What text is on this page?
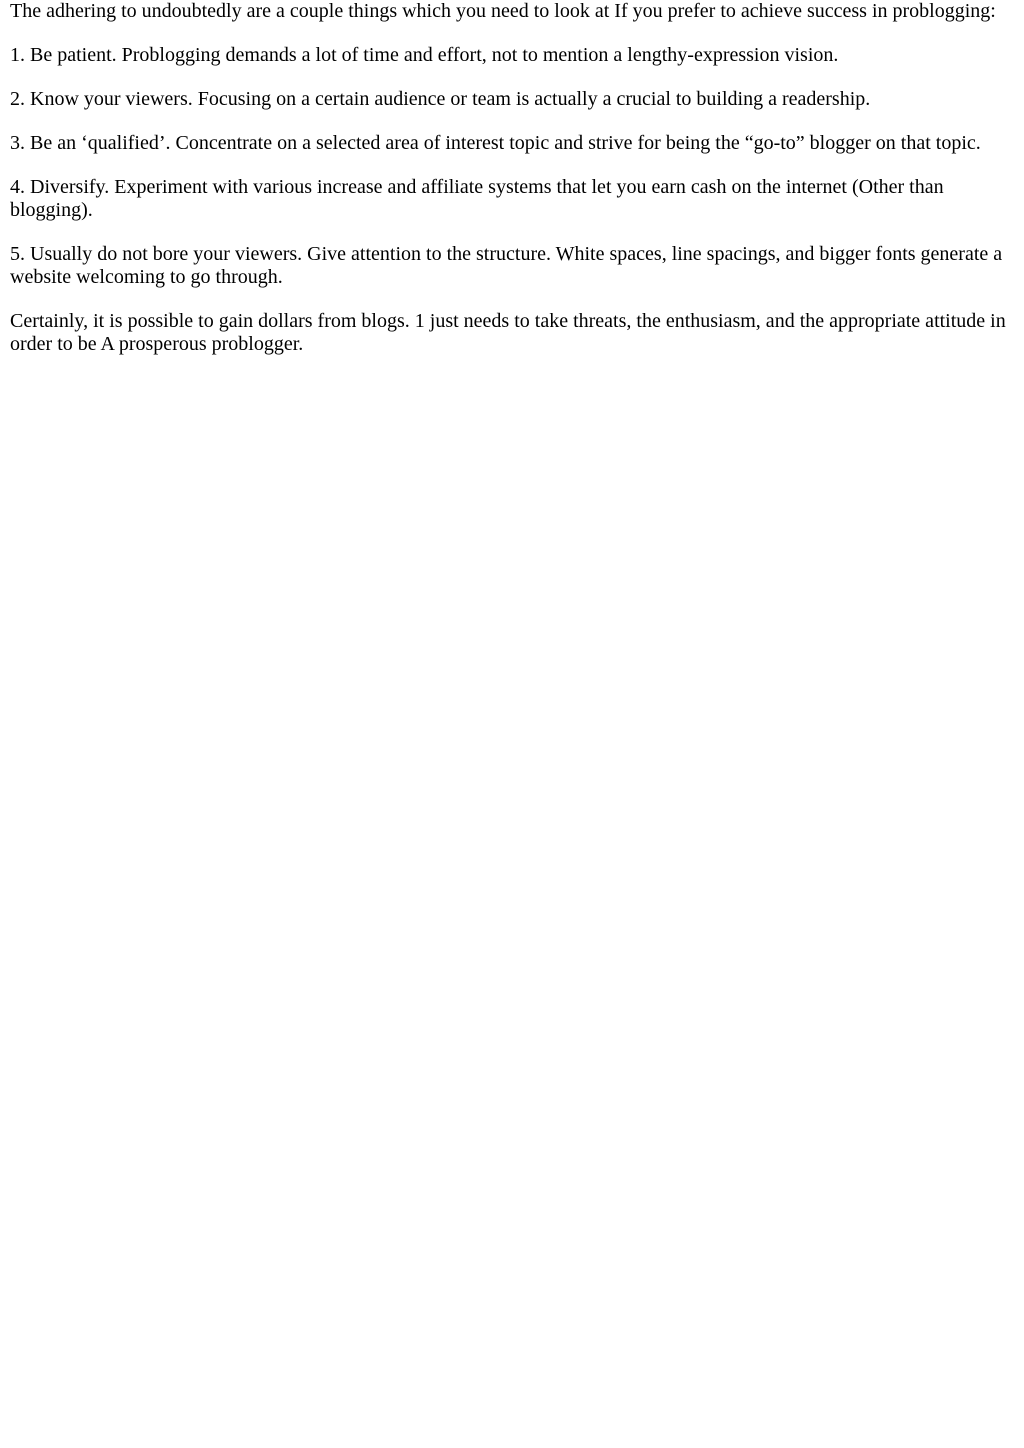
The adhering to undoubtedly are a couple things which you need to look at If you prefer to achieve success in problogging:

1. Be patient. Problogging demands a lot of time and effort, not to mention a lengthy-expression vision.

2. Know your viewers. Focusing on a certain audience or team is actually a crucial to building a readership.

3. Be an ‘qualified’. Concentrate on a selected area of interest topic and strive for being the “go-to” blogger on that topic.

4. Diversify. Experiment with various increase and affiliate systems that let you earn cash on the internet (Other than blogging).

5. Usually do not bore your viewers. Give attention to the structure. White spaces, line spacings, and bigger fonts generate a website welcoming to go through.

Certainly, it is possible to gain dollars from blogs. 1 just needs to take threats, the enthusiasm, and the appropriate attitude in order to be A prosperous problogger.
